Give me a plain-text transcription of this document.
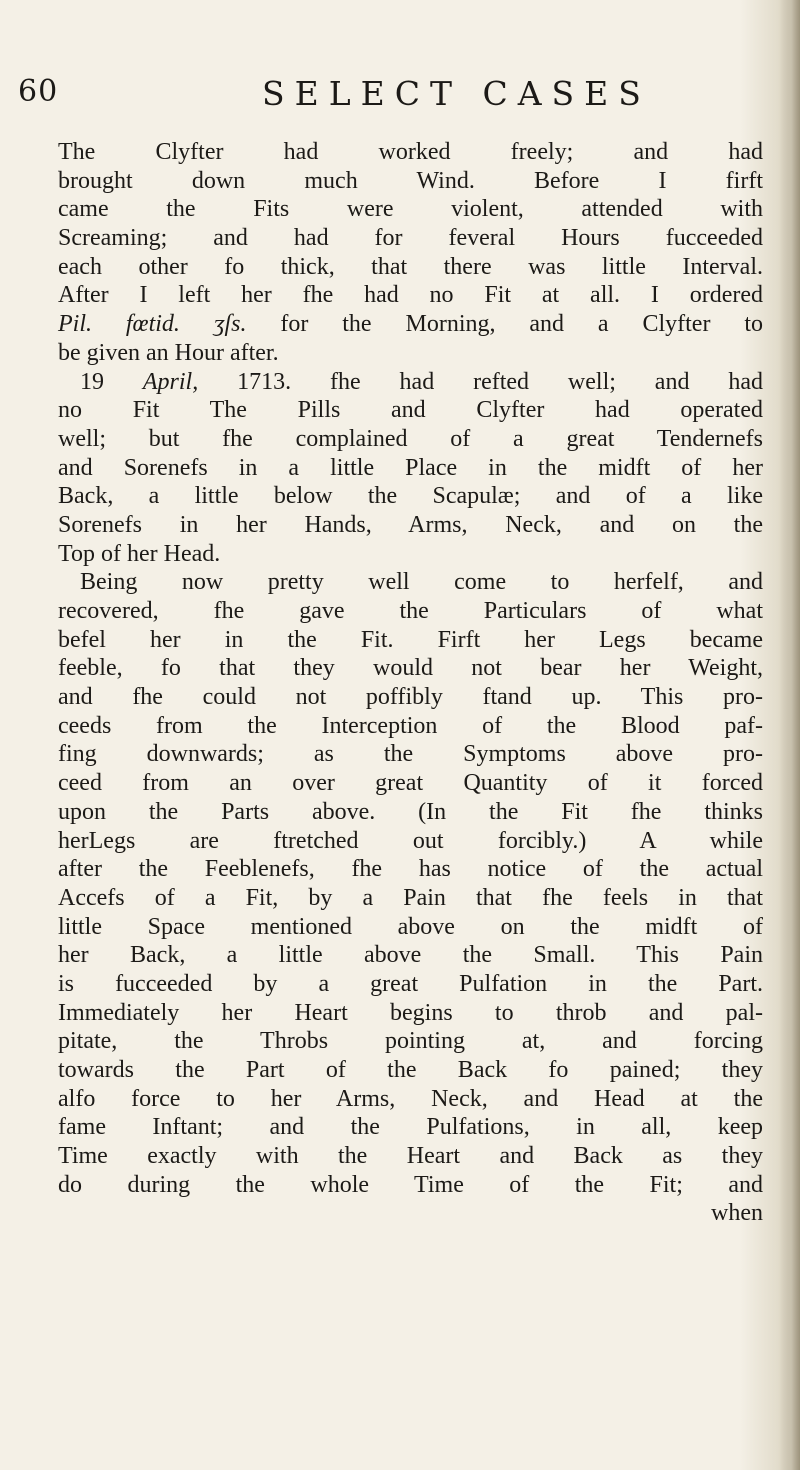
60	SELECT CASES
The Clyfter had worked freely; and had
brought down much Wind. Before I firft
came the Fits were violent, attended with
Screaming; and had for feveral Hours fucceeded
each other fo thick, that there was little Interval.
After I left her fhe had no Fit at all. I ordered
Pil. fœtid. ʒſs. for the Morning, and a Clyfter to
be given an Hour after.
19 April, 1713. fhe had refted well; and had
no Fit The Pills and Clyfter had operated
well; but fhe complained of a great Tendernefs
and Sorenefs in a little Place in the midft of her
Back, a little below the Scapulæ; and of a like
Sorenefs in her Hands, Arms, Neck, and on the
Top of her Head.
Being now pretty well come to herfelf, and
recovered, fhe gave the Particulars of what
befel her in the Fit. Firft her Legs became
feeble, fo that they would not bear her Weight,
and fhe could not poffibly ftand up. This pro-
ceeds from the Interception of the Blood paf-
fing downwards; as the Symptoms above pro-
ceed from an over great Quantity of it forced
upon the Parts above. (In the Fit fhe thinks
herLegs are ftretched out forcibly.) A while
after the Feeblenefs, fhe has notice of the actual
Accefs of a Fit, by a Pain that fhe feels in that
little Space mentioned above on the midft of
her Back, a little above the Small. This Pain
is fucceeded by a great Pulfation in the Part.
Immediately her Heart begins to throb and pal-
pitate, the Throbs pointing at, and forcing
towards the Part of the Back fo pained; they
alfo force to her Arms, Neck, and Head at the
fame Inftant; and the Pulfations, in all, keep
Time exactly with the Heart and Back as they
do during the whole Time of the Fit; and
when
